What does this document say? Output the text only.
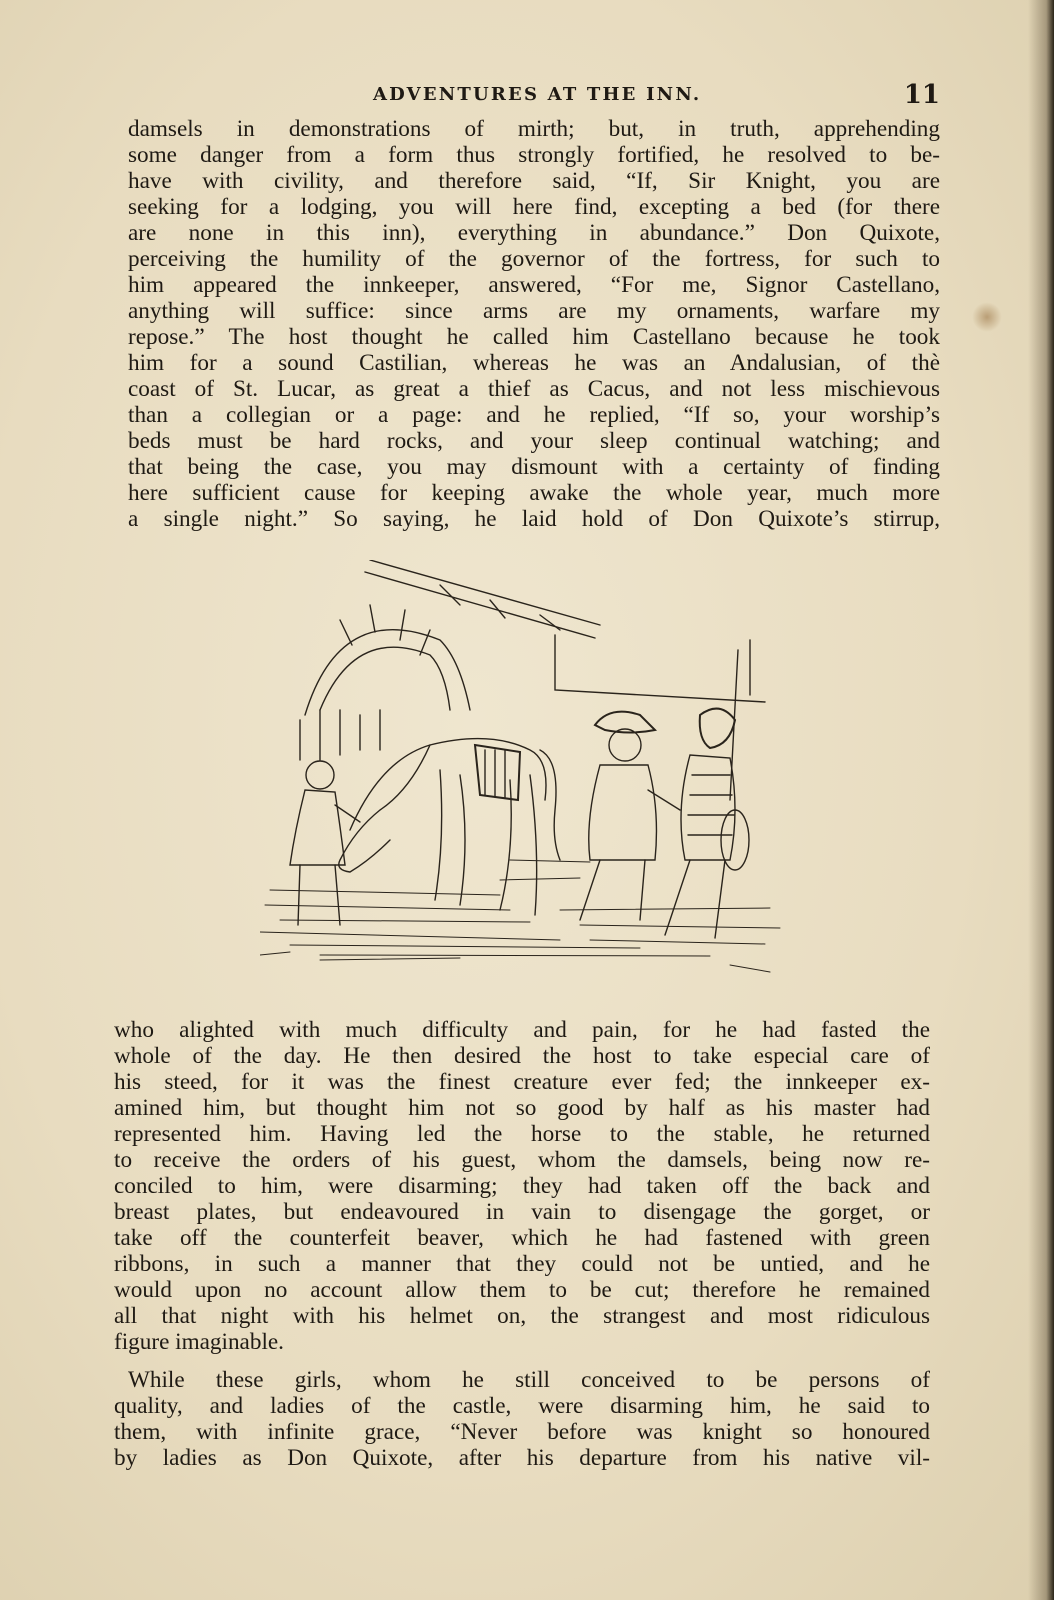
ADVENTURES AT THE INN.	11
damsels in demonstrations of mirth; but, in truth, apprehending
some danger from a form thus strongly fortified, he resolved to be-
have with civility, and therefore said, “If, Sir Knight, you are
seeking for a lodging, you will here find, excepting a bed (for there
are none in this inn), everything in abundance.” Don Quixote,
perceiving the humility of the governor of the fortress, for such to
him appeared the innkeeper, answered, “For me, Signor Castellano,
anything will suffice: since arms are my ornaments, warfare my
repose.” The host thought he called him Castellano because he took
him for a sound Castilian, whereas he was an Andalusian, of thè
coast of St. Lucar, as great a thief as Cacus, and not less mischievous
than a collegian or a page: and he replied, “If so, your worship’s
beds must be hard rocks, and your sleep continual watching; and
that being the case, you may dismount with a certainty of finding
here sufficient cause for keeping awake the whole year, much more
a single night.” So saying, he laid hold of Don Quixote’s stirrup,
who alighted with much difficulty and pain, for he had fasted the
whole of the day. He then desired the host to take especial care of
his steed, for it was the finest creature ever fed; the innkeeper ex-
amined him, but thought him not so good by half as his master had
represented him. Having led the horse to the stable, he returned
to receive the orders of his guest, whom the damsels, being now re-
conciled to him, were disarming; they had taken off the back and
breast plates, but endeavoured in vain to disengage the gorget, or
take off the counterfeit beaver, which he had fastened with green
ribbons, in such a manner that they could not be untied, and he
would upon no account allow them to be cut; therefore he remained
all that night with his helmet on, the strangest and most ridiculous
figure imaginable.
While these girls, whom he still conceived to be persons of
quality, and ladies of the castle, were disarming him, he said to
them, with infinite grace, “Never before was knight so honoured
by ladies as Don Quixote, after his departure from his native vil-
